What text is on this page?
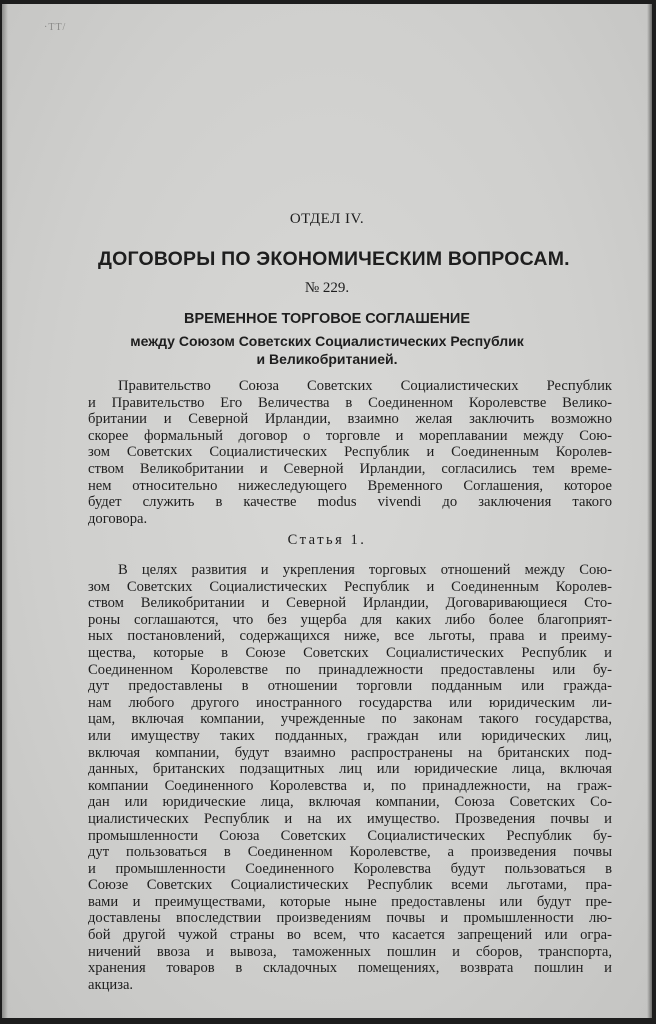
·ТТ/
ОТДЕЛ IV.
ДОГОВОРЫ ПО ЭКОНОМИЧЕСКИМ ВОПРОСАМ.
№ 229.
ВРЕМЕННОЕ ТОРГОВОЕ СОГЛАШЕНИЕ
между Союзом Советских Социалистических Республик
и Великобританией.
Правительство Союза Советских Социалистических Республик
и Правительство Его Величества в Соединенном Королевстве Велико-
британии и Северной Ирландии, взаимно желая заключить возможно
скорее формальный договор о торговле и мореплавании между Сою-
зом Советских Социалистических Республик и Соединенным Королев-
ством Великобритании и Северной Ирландии, согласились тем време-
нем относительно нижеследующего Временного Соглашения, которое
будет служить в качестве modus vivendi до заключения такого
договора.
Статья 1.
В целях развития и укрепления торговых отношений между Сою-
зом Советских Социалистических Республик и Соединенным Королев-
ством Великобритании и Северной Ирландии, Договаривающиеся Сто-
роны соглашаются, что без ущерба для каких либо более благоприят-
ных постановлений, содержащихся ниже, все льготы, права и преиму-
щества, которые в Союзе Советских Социалистических Республик и
Соединенном Королевстве по принадлежности предоставлены или бу-
дут предоставлены в отношении торговли подданным или гражда-
нам любого другого иностранного государства или юридическим ли-
цам, включая компании, учрежденные по законам такого государства,
или имуществу таких подданных, граждан или юридических лиц,
включая компании, будут взаимно распространены на британских под-
данных, британских подзащитных лиц или юридические лица, включая
компании Соединенного Королевства и, по принадлежности, на граж-
дан или юридические лица, включая компании, Союза Советских Со-
циалистических Республик и на их имущество. Прозведения почвы и
промышленности Союза Советских Социалистических Республик бу-
дут пользоваться в Соединенном Королевстве, а произведения почвы
и промышленности Соединенного Королевства будут пользоваться в
Союзе Советских Социалистических Республик всеми льготами, пра-
вами и преимуществами, которые ныне предоставлены или будут пре-
доставлены впоследствии произведениям почвы и промышленности лю-
бой другой чужой страны во всем, что касается запрещений или огра-
ничений ввоза и вывоза, таможенных пошлин и сборов, транспорта,
хранения товаров в складочных помещениях, возврата пошлин и
акциза.
